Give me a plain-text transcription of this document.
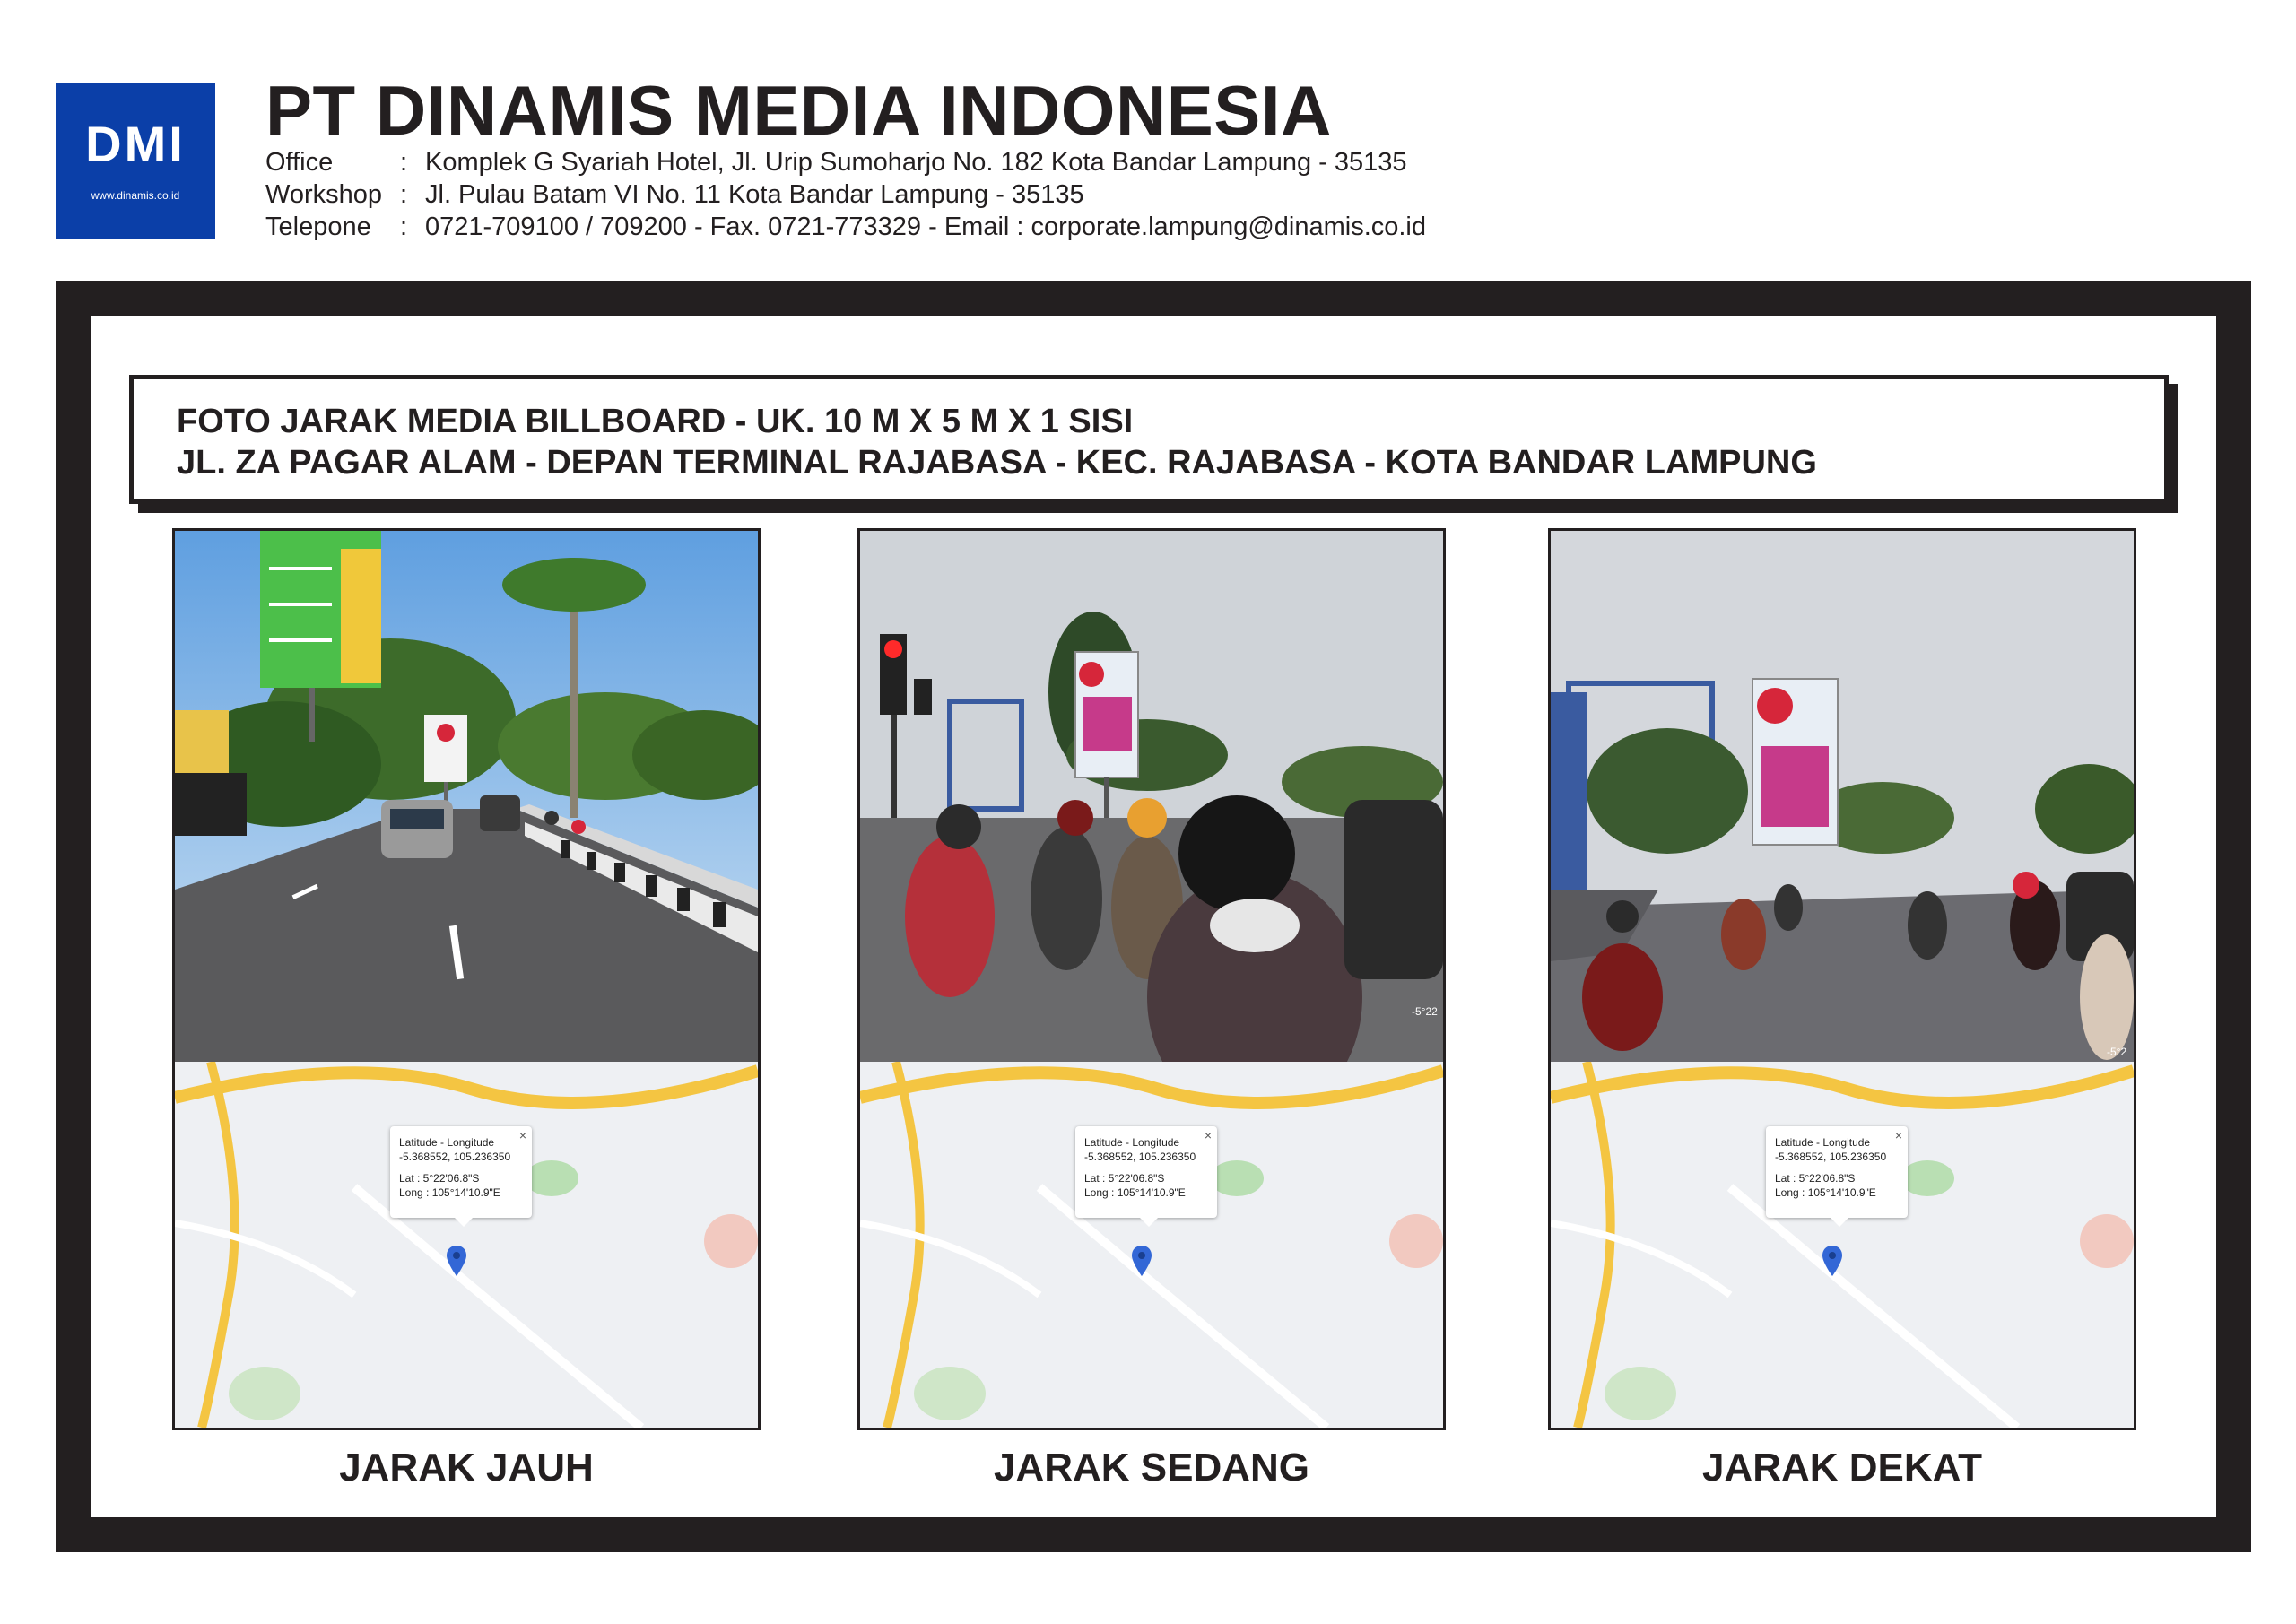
DMI
www.dinamis.co.id
PT DINAMIS MEDIA INDONESIA
Office	: Komplek G Syariah Hotel, Jl. Urip Sumoharjo No. 182 Kota Bandar Lampung - 35135
Workshop : Jl. Pulau Batam VI No. 11 Kota Bandar Lampung - 35135
Telepone	: 0721-709100 / 709200 - Fax. 0721-773329 - Email : corporate.lampung@dinamis.co.id
FOTO JARAK MEDIA BILLBOARD - UK. 10 M X 5 M X 1 SISI
JL. ZA PAGAR ALAM - DEPAN TERMINAL RAJABASA - KEC. RAJABASA - KOTA BANDAR LAMPUNG
×
Latitude - Longitude
-5.368552, 105.236350
Lat : 5°22'06.8"S
Long : 105°14'10.9"E
JARAK JAUH
-5°22
×
Latitude - Longitude
-5.368552, 105.236350
Lat : 5°22'06.8"S
Long : 105°14'10.9"E
JARAK SEDANG
-5°2
×
Latitude - Longitude
-5.368552, 105.236350
Lat : 5°22'06.8"S
Long : 105°14'10.9"E
JARAK DEKAT
